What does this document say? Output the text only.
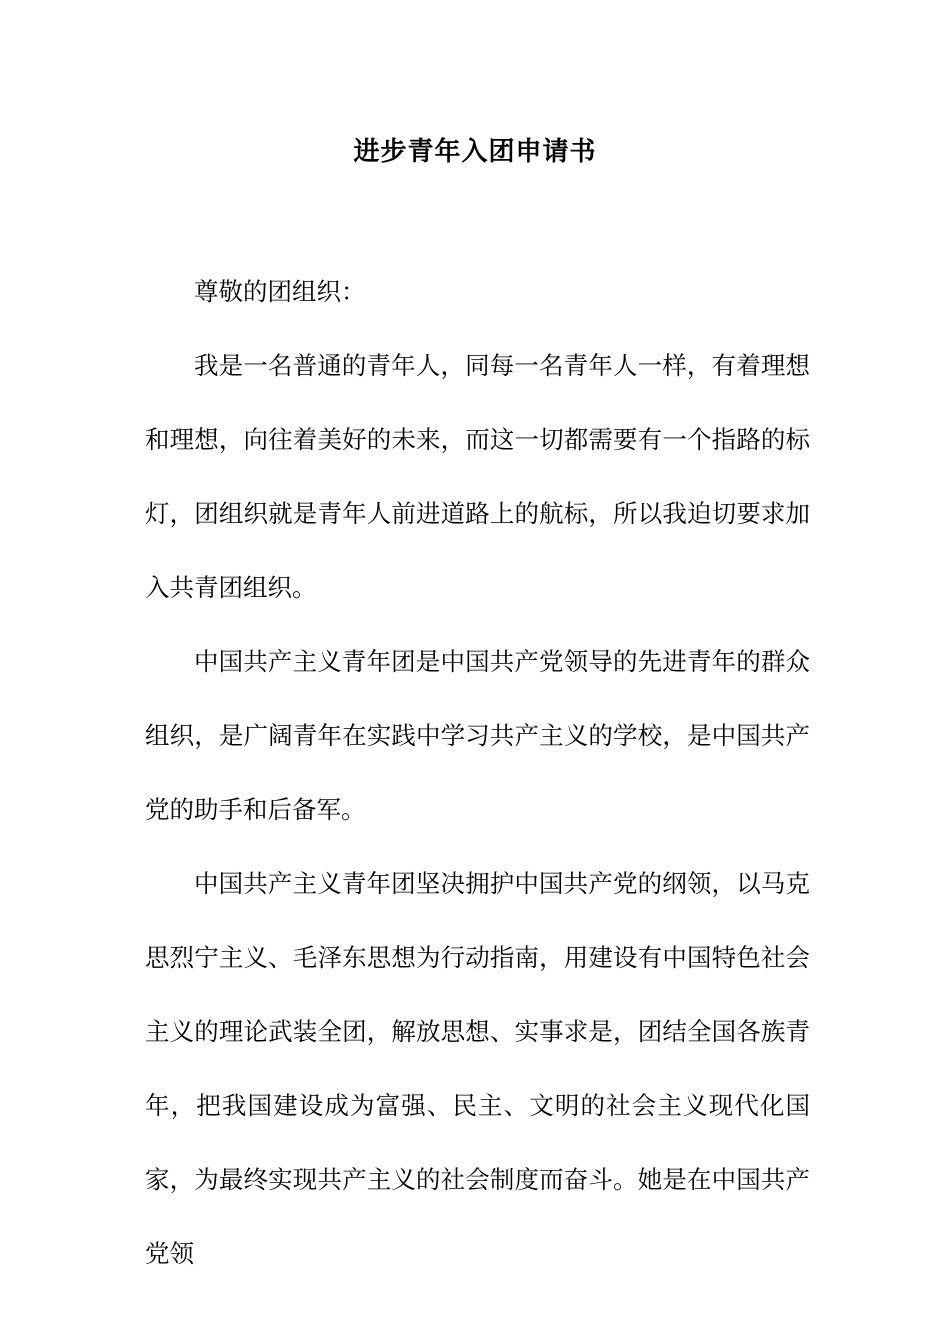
进步青年入团申请书

尊敬的团组织：

我是一名普通的青年人，同每一名青年人一样，有着理想和理想，向往着美好的未来，而这一切都需要有一个指路的标灯，团组织就是青年人前进道路上的航标，所以我迫切要求加入共青团组织。

中国共产主义青年团是中国共产党领导的先进青年的群众组织，是广阔青年在实践中学习共产主义的学校，是中国共产党的助手和后备军。

中国共产主义青年团坚决拥护中国共产党的纲领，以马克思烈宁主义、毛泽东思想为行动指南，用建设有中国特色社会主义的理论武装全团，解放思想、实事求是，团结全国各族青年，把我国建设成为富强、民主、文明的社会主义现代化国家，为最终实现共产主义的社会制度而奋斗。她是在中国共产党领
